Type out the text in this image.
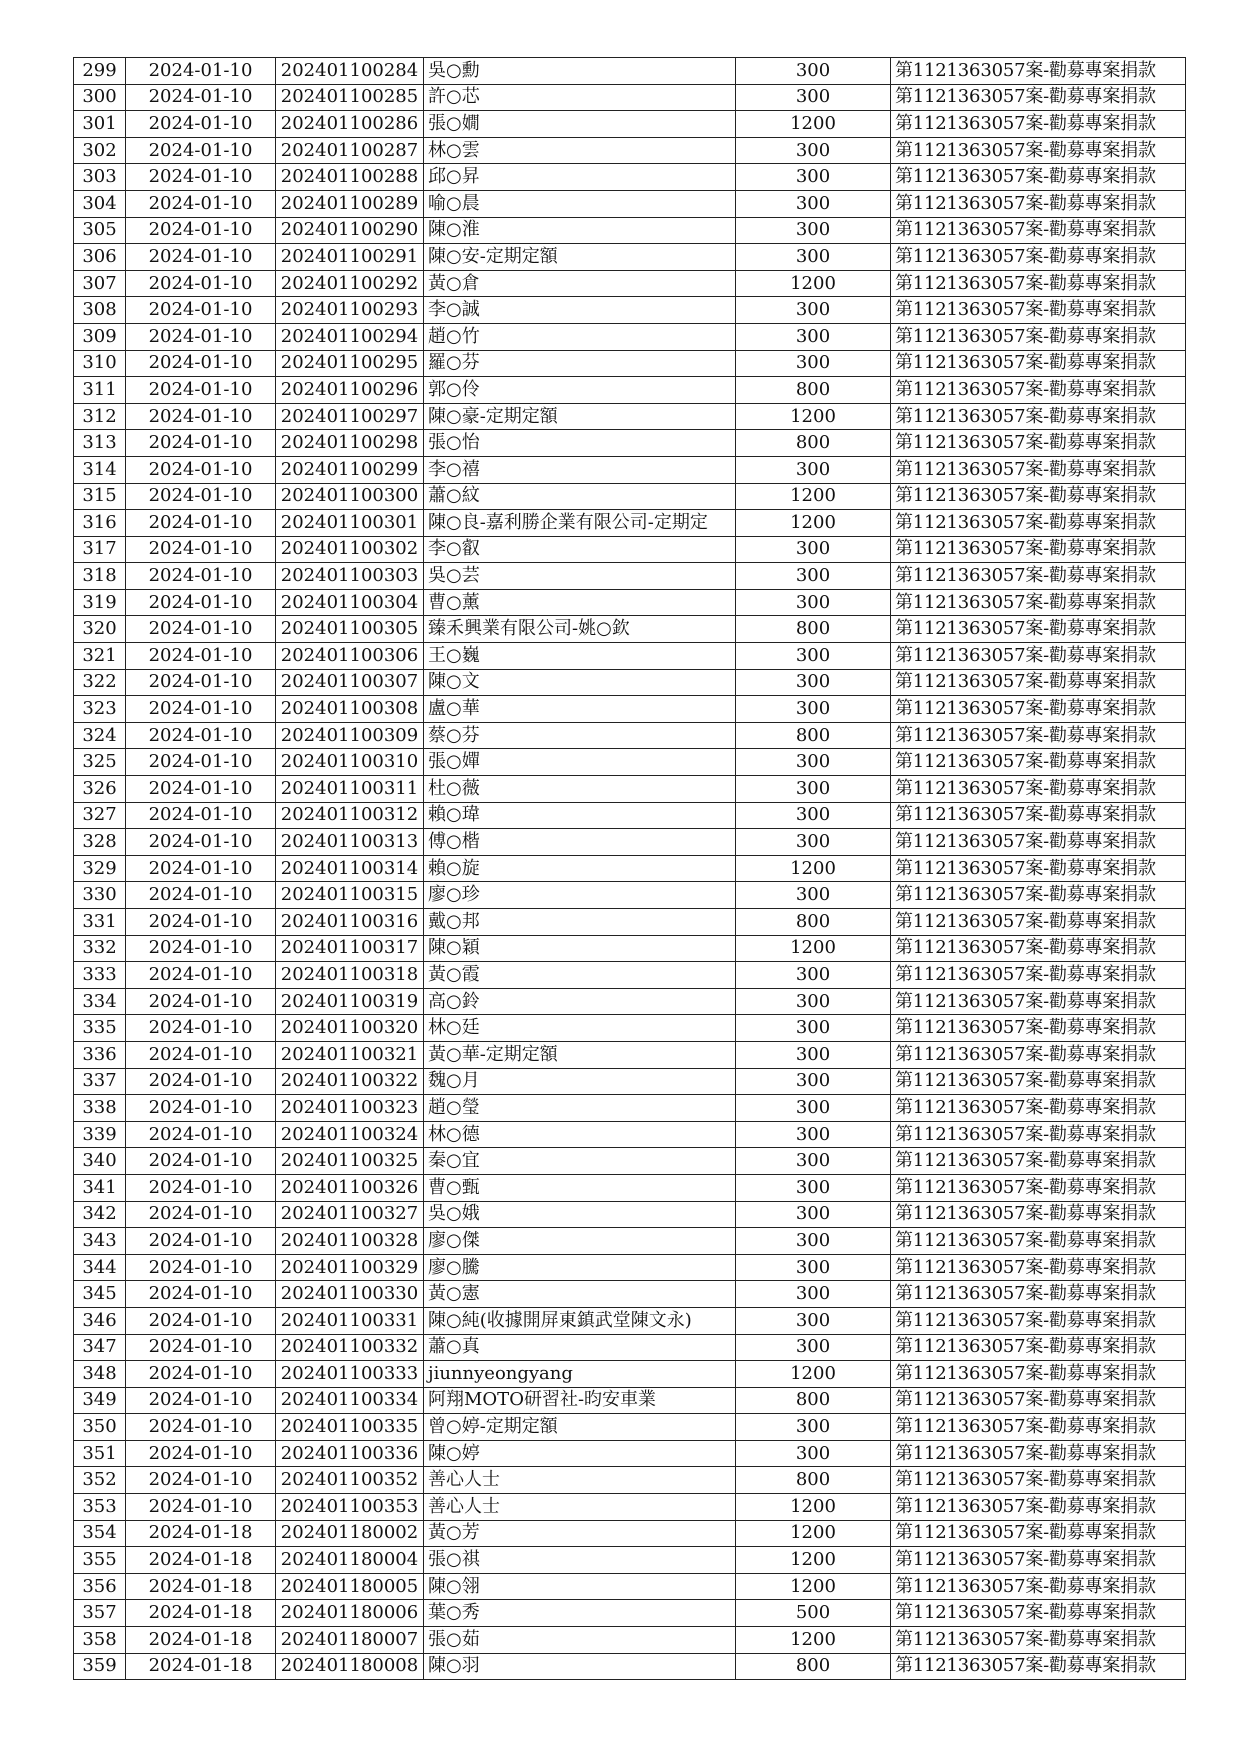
299	2024-01-10	202401100284	吳○勳	300	第1121363057案-勸募專案捐款
300	2024-01-10	202401100285	許○芯	300	第1121363057案-勸募專案捐款
301	2024-01-10	202401100286	張○嫺	1200	第1121363057案-勸募專案捐款
302	2024-01-10	202401100287	林○雲	300	第1121363057案-勸募專案捐款
303	2024-01-10	202401100288	邱○昇	300	第1121363057案-勸募專案捐款
304	2024-01-10	202401100289	喻○晨	300	第1121363057案-勸募專案捐款
305	2024-01-10	202401100290	陳○淮	300	第1121363057案-勸募專案捐款
306	2024-01-10	202401100291	陳○安-定期定額	300	第1121363057案-勸募專案捐款
307	2024-01-10	202401100292	黃○倉	1200	第1121363057案-勸募專案捐款
308	2024-01-10	202401100293	李○誠	300	第1121363057案-勸募專案捐款
309	2024-01-10	202401100294	趙○竹	300	第1121363057案-勸募專案捐款
310	2024-01-10	202401100295	羅○芬	300	第1121363057案-勸募專案捐款
311	2024-01-10	202401100296	郭○伶	800	第1121363057案-勸募專案捐款
312	2024-01-10	202401100297	陳○豪-定期定額	1200	第1121363057案-勸募專案捐款
313	2024-01-10	202401100298	張○怡	800	第1121363057案-勸募專案捐款
314	2024-01-10	202401100299	李○禧	300	第1121363057案-勸募專案捐款
315	2024-01-10	202401100300	蕭○紋	1200	第1121363057案-勸募專案捐款
316	2024-01-10	202401100301	陳○良-嘉利勝企業有限公司-定期定	1200	第1121363057案-勸募專案捐款
317	2024-01-10	202401100302	李○叡	300	第1121363057案-勸募專案捐款
318	2024-01-10	202401100303	吳○芸	300	第1121363057案-勸募專案捐款
319	2024-01-10	202401100304	曹○薰	300	第1121363057案-勸募專案捐款
320	2024-01-10	202401100305	臻禾興業有限公司-姚○欽	800	第1121363057案-勸募專案捐款
321	2024-01-10	202401100306	王○巍	300	第1121363057案-勸募專案捐款
322	2024-01-10	202401100307	陳○文	300	第1121363057案-勸募專案捐款
323	2024-01-10	202401100308	盧○華	300	第1121363057案-勸募專案捐款
324	2024-01-10	202401100309	蔡○芬	800	第1121363057案-勸募專案捐款
325	2024-01-10	202401100310	張○嬋	300	第1121363057案-勸募專案捐款
326	2024-01-10	202401100311	杜○薇	300	第1121363057案-勸募專案捐款
327	2024-01-10	202401100312	賴○瑋	300	第1121363057案-勸募專案捐款
328	2024-01-10	202401100313	傅○楷	300	第1121363057案-勸募專案捐款
329	2024-01-10	202401100314	賴○旋	1200	第1121363057案-勸募專案捐款
330	2024-01-10	202401100315	廖○珍	300	第1121363057案-勸募專案捐款
331	2024-01-10	202401100316	戴○邦	800	第1121363057案-勸募專案捐款
332	2024-01-10	202401100317	陳○穎	1200	第1121363057案-勸募專案捐款
333	2024-01-10	202401100318	黃○霞	300	第1121363057案-勸募專案捐款
334	2024-01-10	202401100319	高○鈴	300	第1121363057案-勸募專案捐款
335	2024-01-10	202401100320	林○廷	300	第1121363057案-勸募專案捐款
336	2024-01-10	202401100321	黃○華-定期定額	300	第1121363057案-勸募專案捐款
337	2024-01-10	202401100322	魏○月	300	第1121363057案-勸募專案捐款
338	2024-01-10	202401100323	趙○瑩	300	第1121363057案-勸募專案捐款
339	2024-01-10	202401100324	林○德	300	第1121363057案-勸募專案捐款
340	2024-01-10	202401100325	秦○宜	300	第1121363057案-勸募專案捐款
341	2024-01-10	202401100326	曹○甄	300	第1121363057案-勸募專案捐款
342	2024-01-10	202401100327	吳○娥	300	第1121363057案-勸募專案捐款
343	2024-01-10	202401100328	廖○傑	300	第1121363057案-勸募專案捐款
344	2024-01-10	202401100329	廖○騰	300	第1121363057案-勸募專案捐款
345	2024-01-10	202401100330	黃○憲	300	第1121363057案-勸募專案捐款
346	2024-01-10	202401100331	陳○純(收據開屏東鎮武堂陳文永)	300	第1121363057案-勸募專案捐款
347	2024-01-10	202401100332	蕭○真	300	第1121363057案-勸募專案捐款
348	2024-01-10	202401100333	jiunnyeongyang	1200	第1121363057案-勸募專案捐款
349	2024-01-10	202401100334	阿翔MOTO研習社-昀安車業	800	第1121363057案-勸募專案捐款
350	2024-01-10	202401100335	曾○婷-定期定額	300	第1121363057案-勸募專案捐款
351	2024-01-10	202401100336	陳○婷	300	第1121363057案-勸募專案捐款
352	2024-01-10	202401100352	善心人士	800	第1121363057案-勸募專案捐款
353	2024-01-10	202401100353	善心人士	1200	第1121363057案-勸募專案捐款
354	2024-01-18	202401180002	黃○芳	1200	第1121363057案-勸募專案捐款
355	2024-01-18	202401180004	張○祺	1200	第1121363057案-勸募專案捐款
356	2024-01-18	202401180005	陳○翎	1200	第1121363057案-勸募專案捐款
357	2024-01-18	202401180006	葉○秀	500	第1121363057案-勸募專案捐款
358	2024-01-18	202401180007	張○茹	1200	第1121363057案-勸募專案捐款
359	2024-01-18	202401180008	陳○羽	800	第1121363057案-勸募專案捐款
